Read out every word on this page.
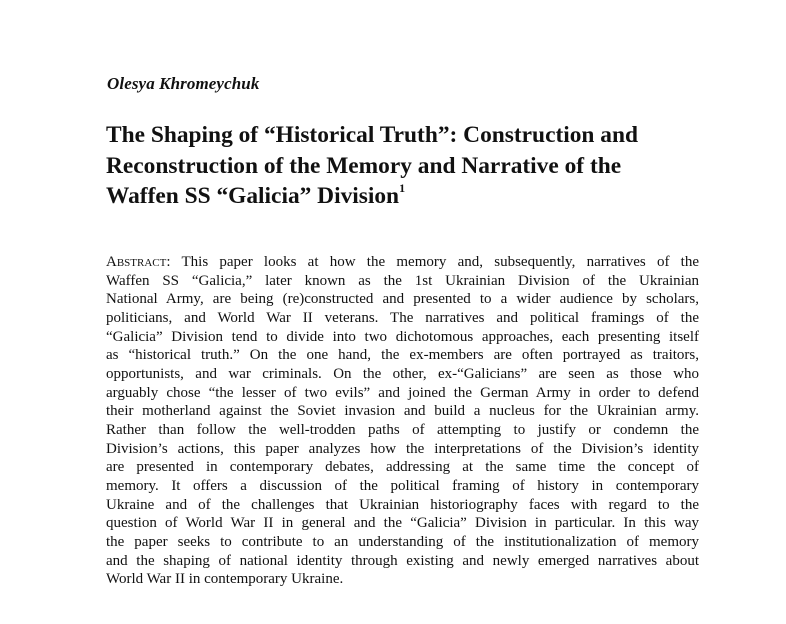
Olesya Khromeychuk
The Shaping of “Historical Truth”: Construction and
Reconstruction of the Memory and Narrative of the
Waffen SS “Galicia” Division$^1$
Abstract: This paper looks at how the memory and, subsequently, narratives of the
Waffen SS “Galicia,” later known as the 1st Ukrainian Division of the Ukrainian
National Army, are being (re)constructed and presented to a wider audience by scholars,
politicians, and World War II veterans. The narratives and political framings of the
“Galicia” Division tend to divide into two dichotomous approaches, each presenting itself
as “historical truth.” On the one hand, the ex-members are often portrayed as traitors,
opportunists, and war criminals. On the other, ex-“Galicians” are seen as those who
arguably chose “the lesser of two evils” and joined the German Army in order to defend
their motherland against the Soviet invasion and build a nucleus for the Ukrainian army.
Rather than follow the well-trodden paths of attempting to justify or condemn the
Division’s actions, this paper analyzes how the interpretations of the Division’s identity
are presented in contemporary debates, addressing at the same time the concept of
memory. It offers a discussion of the political framing of history in contemporary
Ukraine and of the challenges that Ukrainian historiography faces with regard to the
question of World War II in general and the “Galicia” Division in particular. In this way
the paper seeks to contribute to an understanding of the institutionalization of memory
and the shaping of national identity through existing and newly emerged narratives about
World War II in contemporary Ukraine.
